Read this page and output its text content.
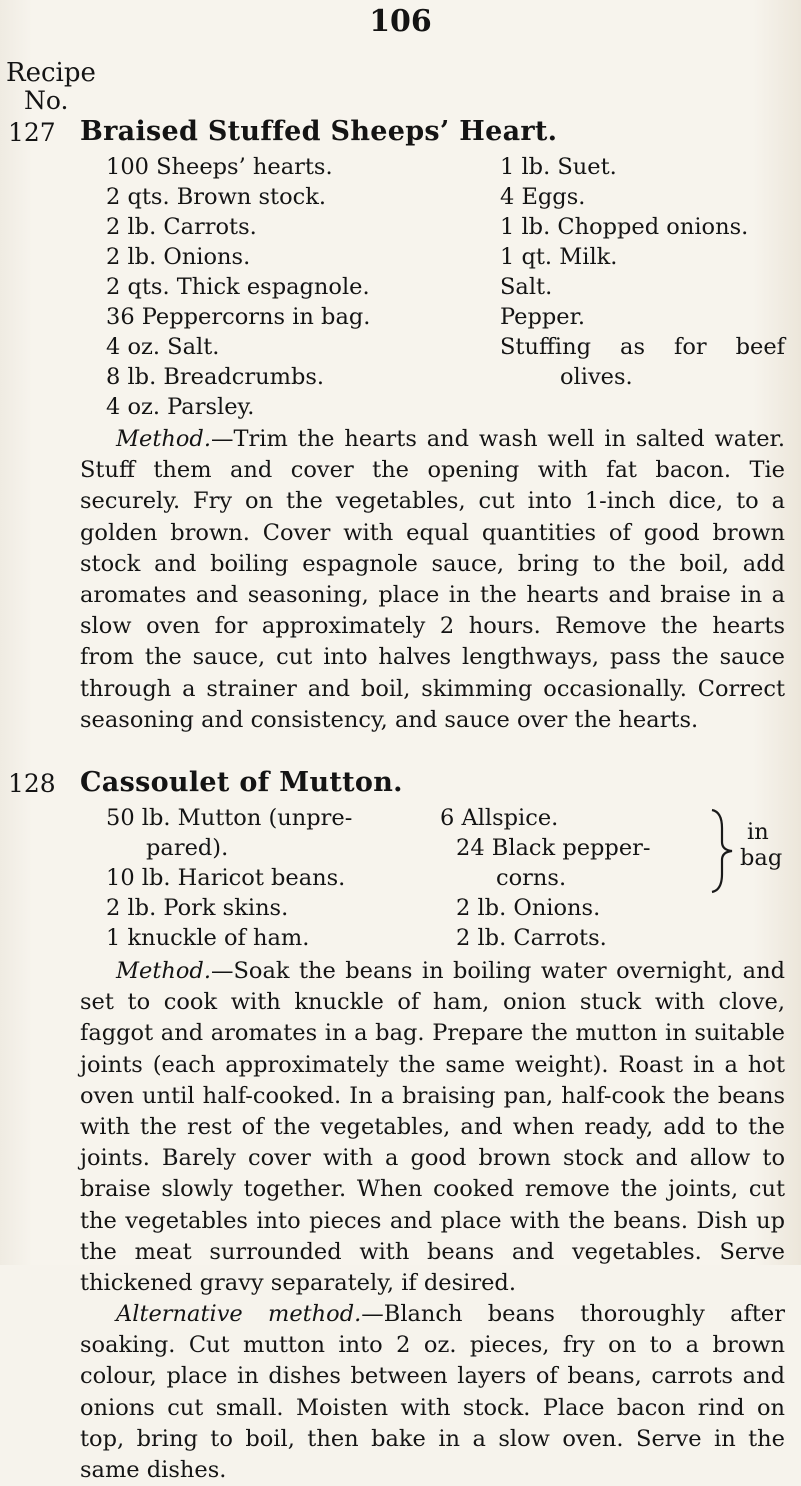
106
Recipe
No.
127 Braised Stuffed Sheeps’ Heart.
100 Sheeps’ hearts.
2 qts. Brown stock.
2 lb. Carrots.
2 lb. Onions.
2 qts. Thick espagnole.
36 Peppercorns in bag.
4 oz. Salt.
8 lb. Breadcrumbs.
4 oz. Parsley.
1 lb. Suet.
4 Eggs.
1 lb. Chopped onions.
1 qt. Milk.
Salt.
Pepper.
Stuffing as for beef
olives.

Method.—Trim the hearts and wash well in salted water. Stuff them and cover the opening with fat bacon. Tie securely. Fry on the vegetables, cut into 1-inch dice, to a golden brown. Cover with equal quantities of good brown stock and boiling espagnole sauce, bring to the boil, add aromates and seasoning, place in the hearts and braise in a slow oven for approximately 2 hours. Remove the hearts from the sauce, cut into halves lengthways, pass the sauce through a strainer and boil, skimming occasionally. Correct seasoning and consistency, and sauce over the hearts.

128 Cassoulet of Mutton.
50 lb. Mutton (unpre-
pared).
10 lb. Haricot beans.
2 lb. Pork skins.
1 knuckle of ham.
6 Allspice.
24 Black pepper-
corns.
2 lb. Onions.
2 lb. Carrots.
in
bag

Method.—Soak the beans in boiling water overnight, and set to cook with knuckle of ham, onion stuck with clove, faggot and aromates in a bag. Prepare the mutton in suitable joints (each approximately the same weight). Roast in a hot oven until half-cooked. In a braising pan, half-cook the beans with the rest of the vegetables, and when ready, add to the joints. Barely cover with a good brown stock and allow to braise slowly together. When cooked remove the joints, cut the vegetables into pieces and place with the beans. Dish up the meat surrounded with beans and vegetables. Serve thickened gravy separately, if desired.

Alternative method.—Blanch beans thoroughly after soaking. Cut mutton into 2 oz. pieces, fry on to a brown colour, place in dishes between layers of beans, carrots and onions cut small. Moisten with stock. Place bacon rind on top, bring to boil, then bake in a slow oven. Serve in the same dishes.
